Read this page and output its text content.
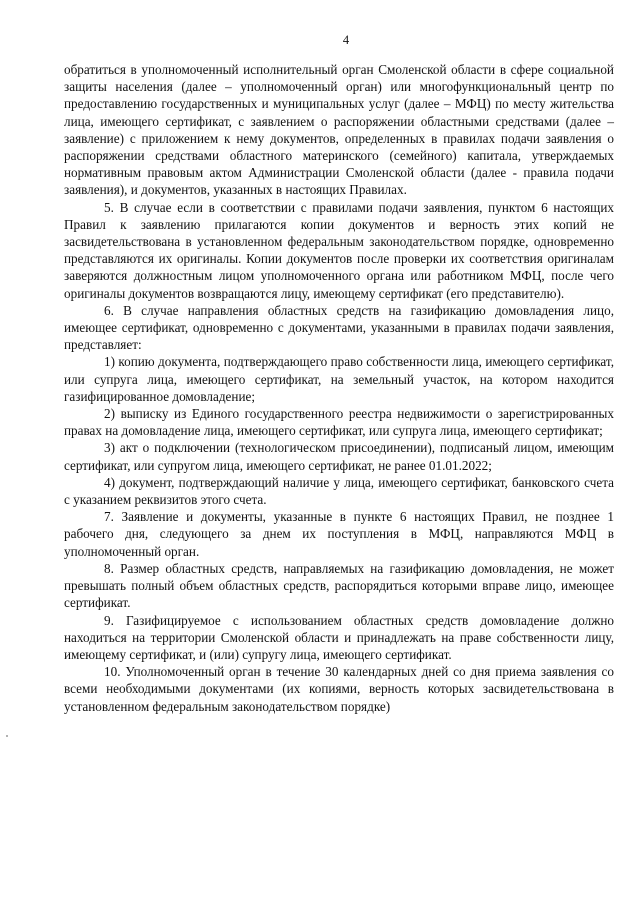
4

обратиться в уполномоченный исполнительный орган Смоленской области в сфере социальной защиты населения (далее – уполномоченный орган) или многофункциональный центр по предоставлению государственных и муниципальных услуг (далее – МФЦ) по месту жительства лица, имеющего сертификат, с заявлением о распоряжении областными средствами (далее – заявление) с приложением к нему документов, определенных в правилах подачи заявления о распоряжении средствами областного материнского (семейного) капитала, утверждаемых нормативным правовым актом Администрации Смоленской области (далее - правила подачи заявления), и документов, указанных в настоящих Правилах.

5. В случае если в соответствии с правилами подачи заявления, пунктом 6 настоящих Правил к заявлению прилагаются копии документов и верность этих копий не засвидетельствована в установленном федеральным законодательством порядке, одновременно представляются их оригиналы. Копии документов после проверки их соответствия оригиналам заверяются должностным лицом уполномоченного органа или работником МФЦ, после чего оригиналы документов возвращаются лицу, имеющему сертификат (его представителю).

6. В случае направления областных средств на газификацию домовладения лицо, имеющее сертификат, одновременно с документами, указанными в правилах подачи заявления, представляет:

1) копию документа, подтверждающего право собственности лица, имеющего сертификат, или супруга лица, имеющего сертификат, на земельный участок, на котором находится газифицированное домовладение;

2) выписку из Единого государственного реестра недвижимости о зарегистрированных правах на домовладение лица, имеющего сертификат, или супруга лица, имеющего сертификат;

3) акт о подключении (технологическом присоединении), подписаный лицом, имеющим сертификат, или супругом лица, имеющего сертификат, не ранее 01.01.2022;

4) документ, подтверждающий наличие у лица, имеющего сертификат, банковского счета с указанием реквизитов этого счета.

7. Заявление и документы, указанные в пункте 6 настоящих Правил, не позднее 1 рабочего дня, следующего за днем их поступления в МФЦ, направляются МФЦ в уполномоченный орган.

8. Размер областных средств, направляемых на газификацию домовладения, не может превышать полный объем областных средств, распорядиться которыми вправе лицо, имеющее сертификат.

9. Газифицируемое с использованием областных средств домовладение должно находиться на территории Смоленской области и принадлежать на праве собственности лицу, имеющему сертификат, и (или) супругу лица, имеющего сертификат.

10. Уполномоченный орган в течение 30 календарных дней со дня приема заявления со всеми необходимыми документами (их копиями, верность которых засвидетельствована в установленном федеральным законодательством порядке)
